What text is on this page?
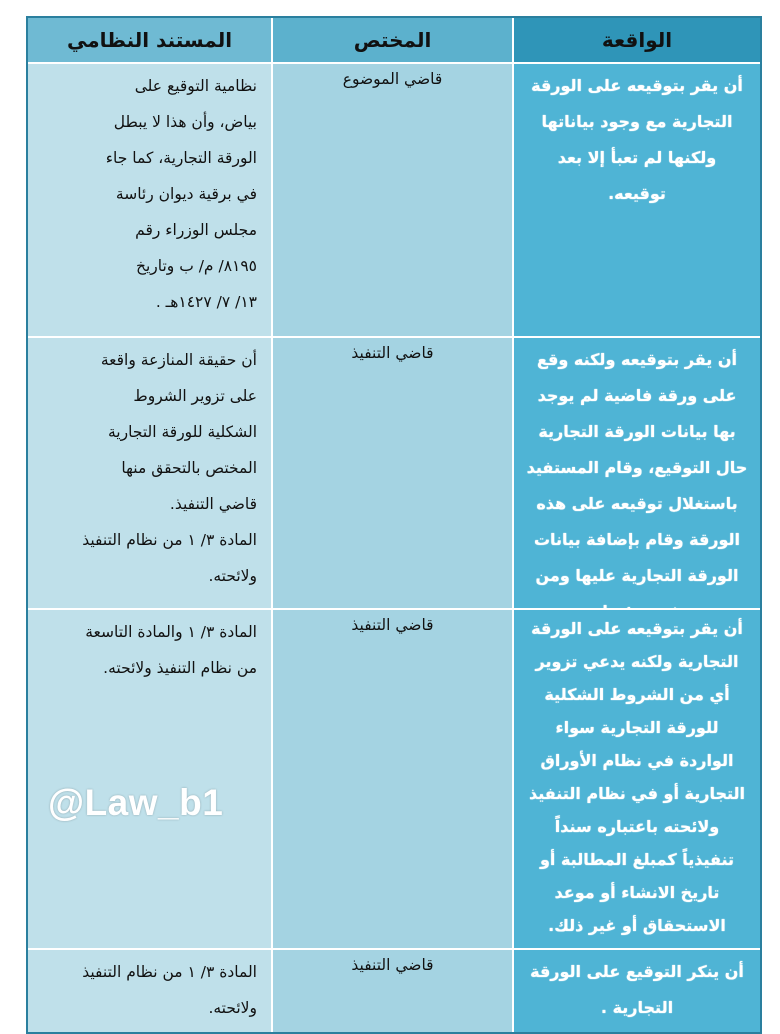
الواقعة
المختص
المستند النظامي
أن يقر بتوقيعه على الورقة
التجارية مع وجود بياناتها
ولكنها لم تعبأ إلا بعد
توقيعه.
قاضي الموضوع
نظامية التوقيع على
بياض، وأن هذا لا يبطل
الورقة التجارية، كما جاء
في برقية ديوان رئاسة
مجلس الوزراء رقم
٨١٩٥/ م/ ب وتاريخ
١٣/ ٧/ ١٤٢٧هـ .
أن يقر بتوقيعه ولكنه وقع
على ورقة فاضية لم يوجد
بها بيانات الورقة التجارية
حال التوقيع، وقام المستفيد
باستغلال توقيعه على هذه
الورقة وقام بإضافة بيانات
الورقة التجارية عليها ومن
قاضي التنفيذ
أن حقيقة المنازعة واقعة
على تزوير الشروط
الشكلية للورقة التجارية
المختص بالتحقق منها
قاضي التنفيذ.
المادة ٣/ ١ من نظام التنفيذ
ولائحته.
أن يقر بتوقيعه على الورقة
التجارية ولكنه يدعي تزوير
أي من الشروط الشكلية
للورقة التجارية سواء
الواردة في نظام الأوراق
التجارية أو في نظام التنفيذ
ولائحته باعتباره سنداً
تنفيذياً كمبلغ المطالبة أو
تاريخ الانشاء أو موعد
الاستحقاق أو غير ذلك.
قاضي التنفيذ
المادة ٣/ ١ والمادة التاسعة
من نظام التنفيذ ولائحته.
أن ينكر التوقيع على الورقة
التجارية .
قاضي التنفيذ
المادة ٣/ ١ من نظام التنفيذ
ولائحته.
@Law_b1
